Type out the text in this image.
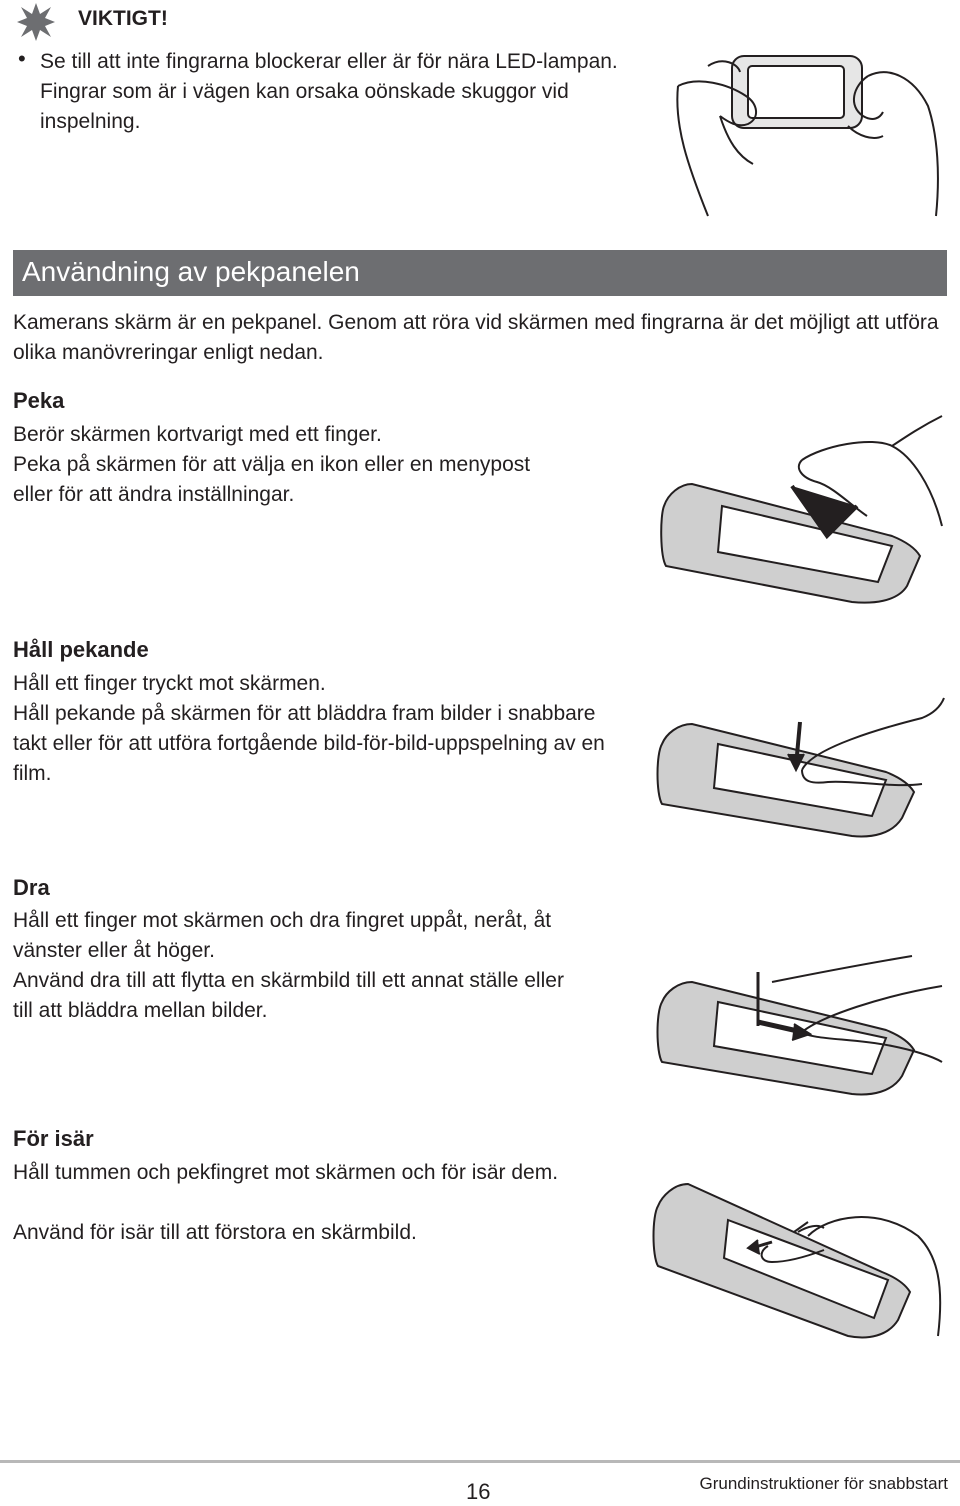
VIKTIGT!
• Se till att inte fingrarna blockerar eller är för nära LED-lampan. Fingrar som är i vägen kan orsaka oönskade skuggor vid inspelning.
Användning av pekpanelen
Kamerans skärm är en pekpanel. Genom att röra vid skärmen med fingrarna är det möjligt att utföra olika manövreringar enligt nedan.
Peka
Berör skärmen kortvarigt med ett finger.
Peka på skärmen för att välja en ikon eller en menypost eller för att ändra inställningar.
Håll pekande
Håll ett finger tryckt mot skärmen.
Håll pekande på skärmen för att bläddra fram bilder i snabbare takt eller för att utföra fortgående bild-för-bild-uppspelning av en film.
Dra
Håll ett finger mot skärmen och dra fingret uppåt, neråt, åt vänster eller åt höger.
Använd dra till att flytta en skärmbild till ett annat ställe eller till att bläddra mellan bilder.
För isär
Håll tummen och pekfingret mot skärmen och för isär dem.
Använd för isär till att förstora en skärmbild.
16	Grundinstruktioner för snabbstart
